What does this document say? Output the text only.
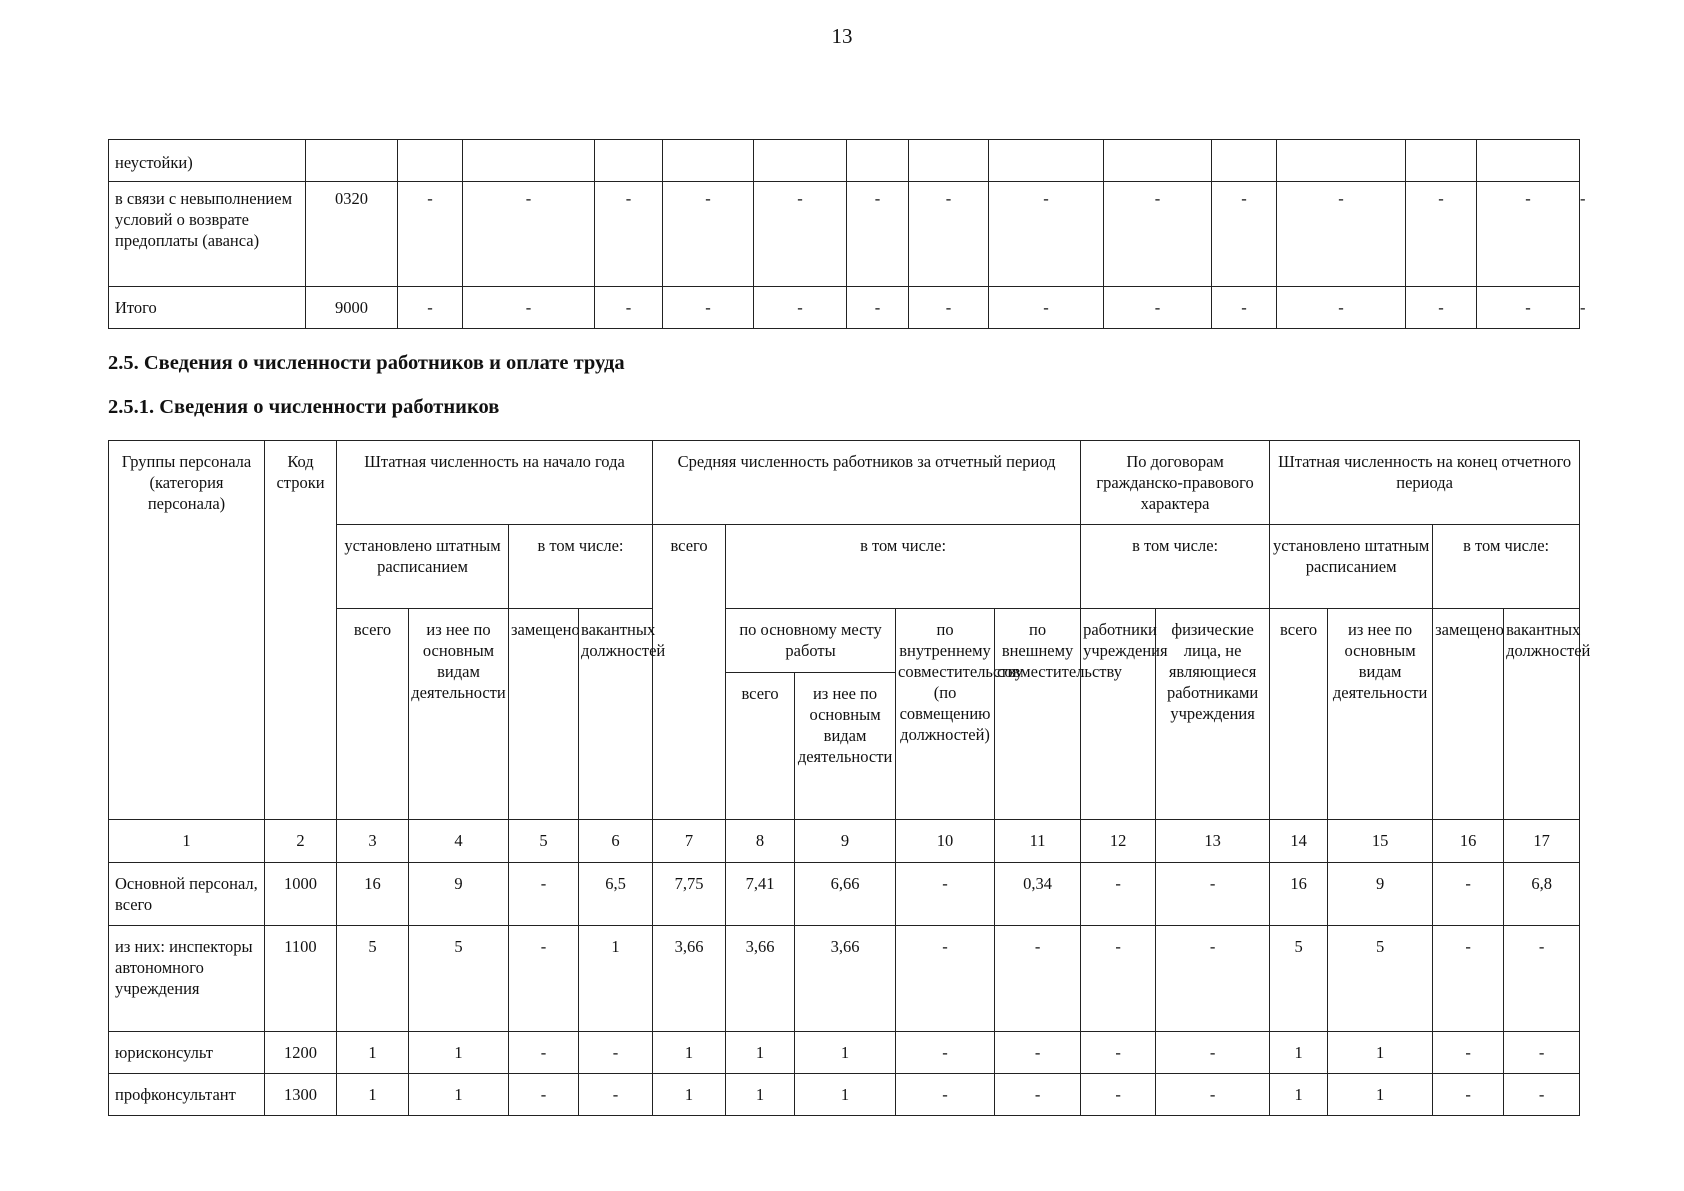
13
неустойки)															
в связи с невыполнением условий о возврате предоплаты (аванса)	0320	-	-	-	-	-	-	-	-	-	-	-	-	-	-
Итого	9000	-	-	-	-	-	-	-	-	-	-	-	-	-	-
2.5. Сведения о численности работников и оплате труда
2.5.1. Сведения о численности работников
Группы персонала (категория персонала)	Код строки	Штатная численность на начало года				Средняя численность работников за отчетный период					По договорам гражданско-правового характера		Штатная численность на конец отчетного периода			
		установлено штатным расписанием		в том числе:		всего	в том числе:				в том числе:		установлено штатным расписанием		в том числе:	
		всего	из нее по основным видам деятельности	замещено	вакантных должностей		по основному месту работы		по внутреннему совместительству (по совмещению должностей)	по внешнему совместительству	работники учреждения	физические лица, не являющиеся работниками учреждения	всего	из нее по основным видам деятельности	замещено	вакантных должностей
							всего	из нее по основным видам деятельности								
1	2	3	4	5	6	7	8	9	10	11	12	13	14	15	16	17
Основной персонал, всего	1000	16	9	-	6,5	7,75	7,41	6,66	-	0,34	-	-	16	9	-	6,8
из них: инспекторы автономного учреждения	1100	5	5	-	1	3,66	3,66	3,66	-	-	-	-	5	5	-	-
юрисконсульт	1200	1	1	-	-	1	1	1	-	-	-	-	1	1	-	-
профконсультант	1300	1	1	-	-	1	1	1	-	-	-	-	1	1	-	-
